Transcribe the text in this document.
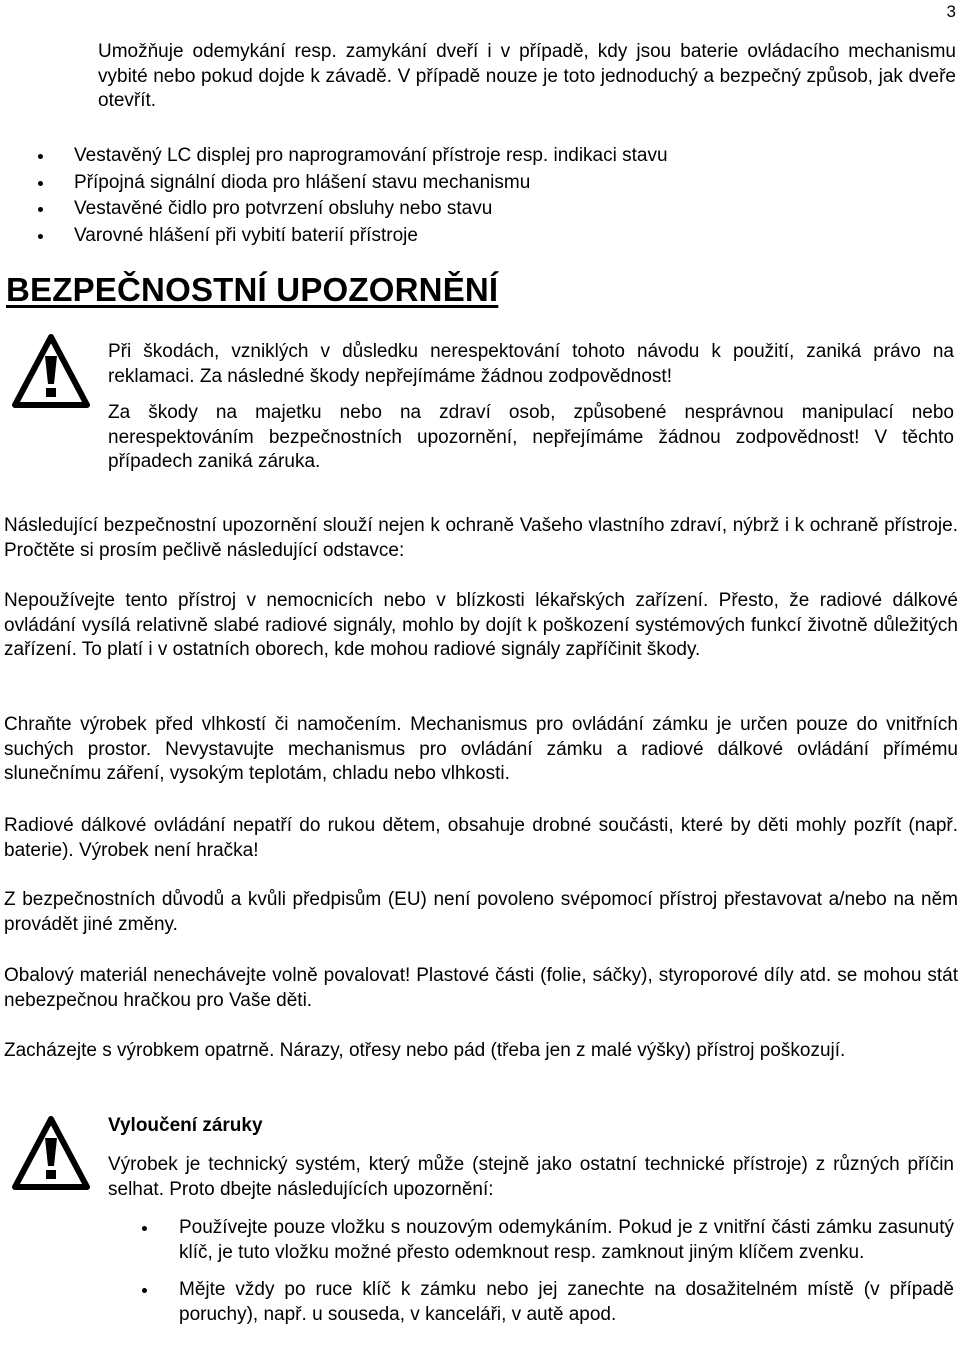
3
Umožňuje odemykání resp. zamykání dveří i v případě, kdy jsou baterie ovládacího mechanismu vybité nebo pokud dojde k závadě. V případě nouze je toto jednoduchý a bezpečný způsob, jak dveře otevřít.
Vestavěný LC displej pro naprogramování přístroje resp. indikaci stavu
Přípojná signální dioda pro hlášení stavu mechanismu
Vestavěné čidlo pro potvrzení obsluhy nebo stavu
Varovné hlášení při vybití baterií přístroje
BEZPEČNOSTNÍ UPOZORNĚNÍ
Při škodách, vzniklých v důsledku nerespektování tohoto návodu k použití, zaniká právo na reklamaci. Za následné škody nepřejímáme žádnou zodpovědnost!
Za škody na majetku nebo na zdraví osob, způsobené nesprávnou manipulací nebo nerespektováním bezpečnostních upozornění, nepřejímáme žádnou zodpovědnost! V těchto případech zaniká záruka.
Následující bezpečnostní upozornění slouží nejen k ochraně Vašeho vlastního zdraví, nýbrž i k ochraně přístroje. Pročtěte si prosím pečlivě následující odstavce:
Nepoužívejte tento přístroj v nemocnicích nebo v blízkosti lékařských zařízení. Přesto, že radiové dálkové ovládání vysílá relativně slabé radiové signály, mohlo by dojít k poškození systémových funkcí životně důležitých zařízení. To platí i v ostatních oborech, kde mohou radiové signály zapříčinit škody.
Chraňte výrobek před vlhkostí či namočením. Mechanismus pro ovládání zámku je určen pouze do vnitřních suchých prostor. Nevystavujte mechanismus pro ovládání zámku a radiové dálkové ovládání přímému slunečnímu záření, vysokým teplotám, chladu nebo vlhkosti.
Radiové dálkové ovládání nepatří do rukou dětem, obsahuje drobné součásti, které by děti mohly pozřít (např. baterie). Výrobek není hračka!
Z bezpečnostních důvodů a kvůli předpisům (EU) není povoleno svépomocí přístroj přestavovat a/nebo na něm provádět jiné změny.
Obalový materiál nenechávejte volně povalovat! Plastové části (folie, sáčky), styroporové díly atd. se mohou stát nebezpečnou hračkou pro Vaše děti.
Zacházejte s výrobkem opatrně. Nárazy, otřesy nebo pád (třeba jen z malé výšky) přístroj poškozují.
Vyloučení záruky
Výrobek je technický systém, který může (stejně jako ostatní technické přístroje) z různých příčin selhat. Proto dbejte následujících upozornění:
Používejte pouze vložku s nouzovým odemykáním. Pokud je z vnitřní části zámku zasunutý klíč, je tuto vložku možné přesto odemknout resp. zamknout jiným klíčem zvenku.
Mějte vždy po ruce klíč k zámku nebo jej zanechte na dosažitelném místě (v případě poruchy), např. u souseda, v kanceláři, v autě apod.
